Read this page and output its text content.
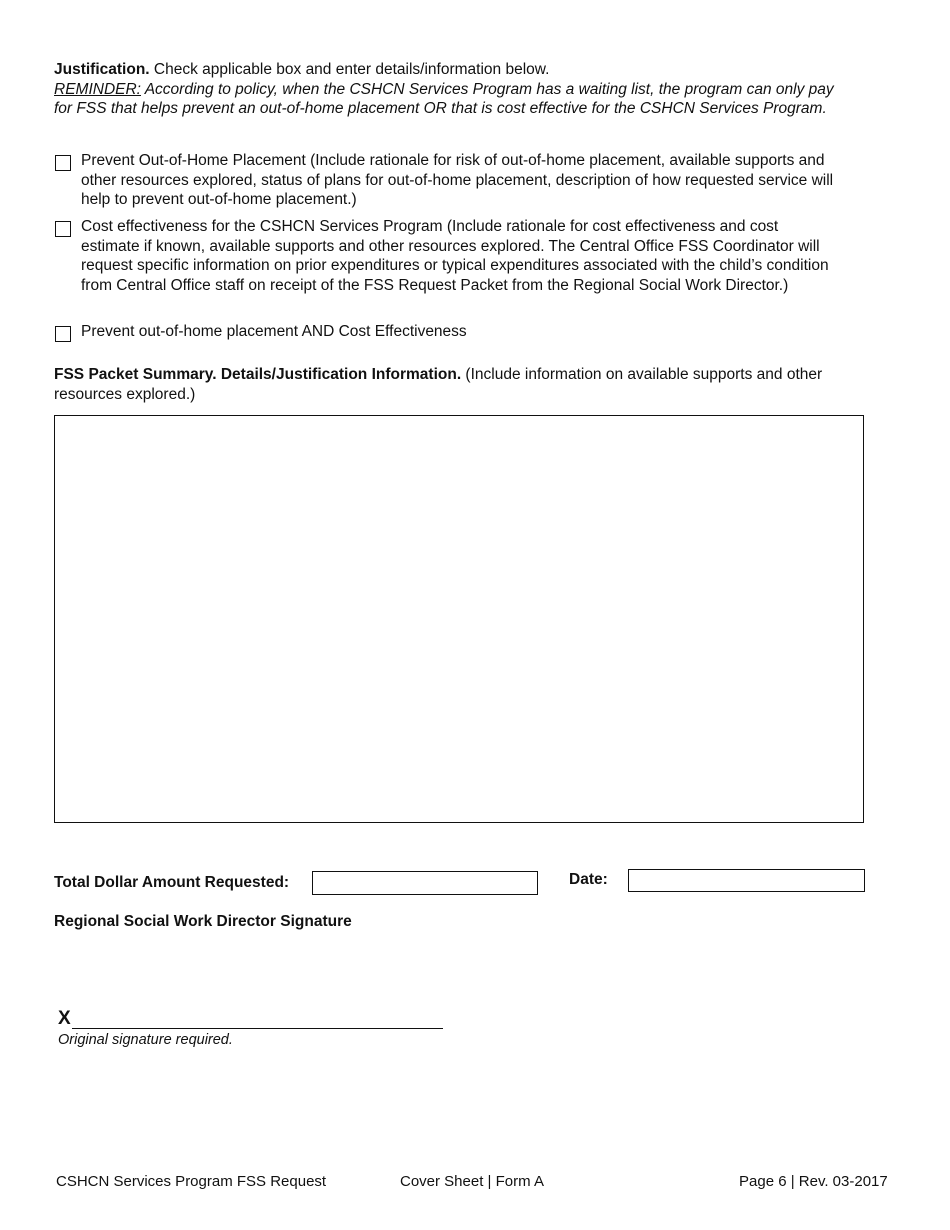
Justification. Check applicable box and enter details/information below.
REMINDER: According to policy, when the CSHCN Services Program has a waiting list, the program can only pay for FSS that helps prevent an out-of-home placement OR that is cost effective for the CSHCN Services Program.
Prevent Out-of-Home Placement (Include rationale for risk of out-of-home placement, available supports and other resources explored, status of plans for out-of-home placement, description of how requested service will help to prevent out-of-home placement.)
Cost effectiveness for the CSHCN Services Program (Include rationale for cost effectiveness and cost estimate if known, available supports and other resources explored. The Central Office FSS Coordinator will request specific information on prior expenditures or typical expenditures associated with the child’s condition from Central Office staff on receipt of the FSS Request Packet from the Regional Social Work Director.)
Prevent out-of-home placement AND Cost Effectiveness
FSS Packet Summary. Details/Justification Information. (Include information on available supports and other resources explored.)
Total Dollar Amount Requested:	Date:
Regional Social Work Director Signature
X
Original signature required.
CSHCN Services Program FSS Request	Cover Sheet | Form A	Page 6 | Rev. 03-2017
